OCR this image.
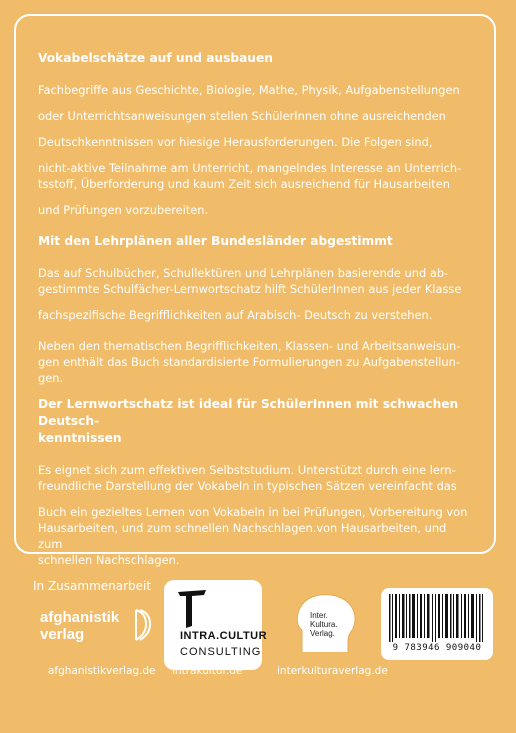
Vokabelschätze auf und ausbauen

Fachbegriffe aus Geschichte, Biologie, Mathe, Physik, Aufgabenstellungen

oder Unterrichtsanweisungen stellen SchülerInnen ohne ausreichenden

Deutschkenntnissen vor hiesige Herausforderungen. Die Folgen sind,

nicht-aktive Teilnahme am Unterricht, mangelndes Interesse an Unterrich-

tsstoff, Überforderung und kaum Zeit sich ausreichend für Hausarbeiten

und Prüfungen vorzubereiten.

Mit den Lehrplänen aller Bundesländer abgestimmt

Das auf Schulbücher, Schullektüren und Lehrplänen basierende und ab-

gestimmte Schulfächer-Lernwortschatz hilft SchülerInnen aus jeder Klasse

fachspezifische Begrifflichkeiten auf Arabisch- Deutsch zu verstehen.

Neben den thematischen Begrifflichkeiten, Klassen- und Arbeitsanweisun-

gen enthält das Buch standardisierte Formulierungen zu Aufgabenstellun-

gen.

Der Lernwortschatz ist ideal für SchülerInnen mit schwachen Deutsch-

kenntnissen

Es eignet sich zum effektiven Selbststudium. Unterstützt durch eine lern-

freundliche Darstellung der Vokabeln in typischen Sätzen vereinfacht das

Buch ein gezieltes Lernen von Vokabeln in bei Prüfungen, Vorbereitung von

Hausarbeiten, und zum schnellen Nachschlagen.von Hausarbeiten, und zum

schnellen Nachschlagen.

In Zusammenarbeit
afghanistik
verlag	INTRA.CULTUR
CONSULTING
Inter.
Kultura.
Verlag.
9 783946 909040
afghanistikverlag.de intrakultur.de	interkulturaverlag.de
